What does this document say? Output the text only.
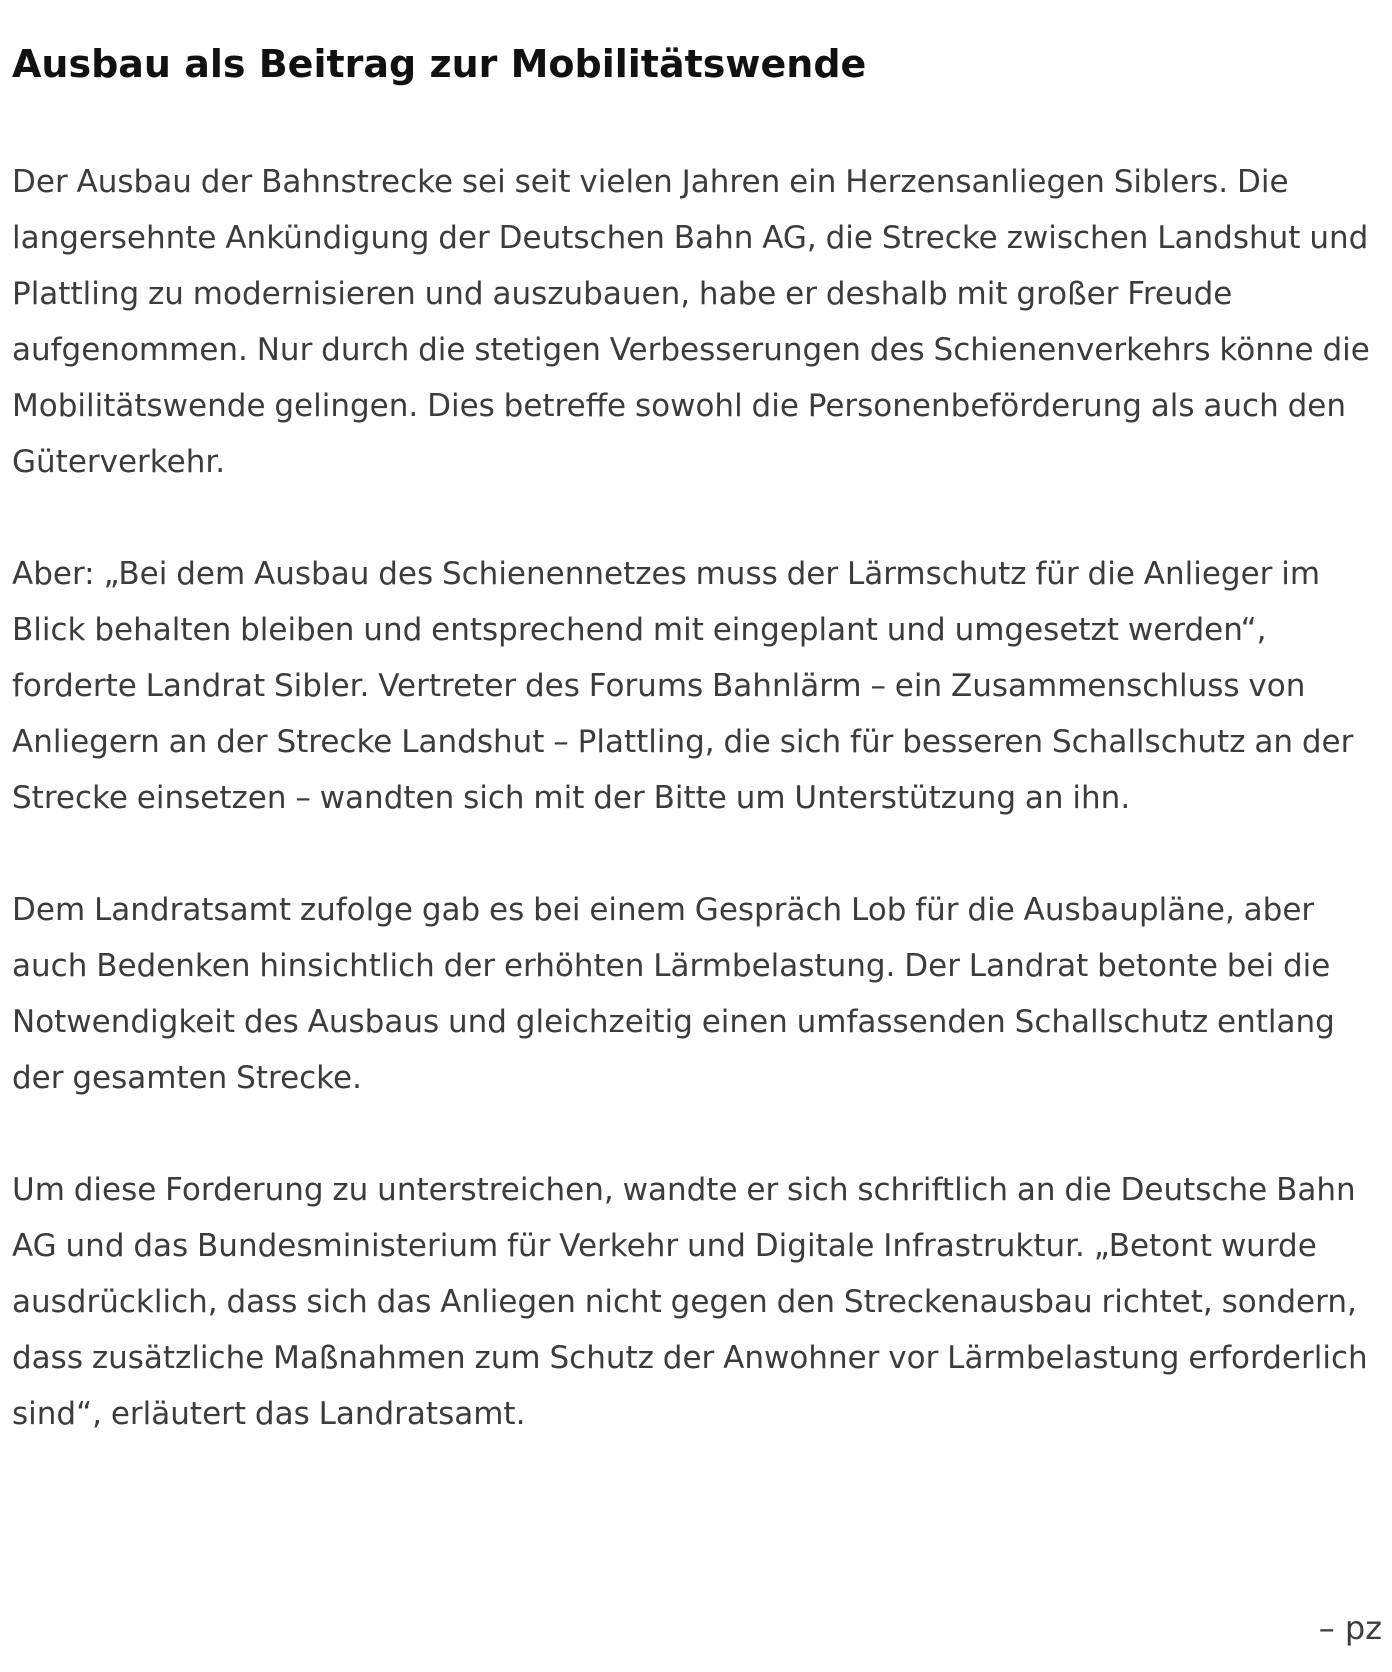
Ausbau als Beitrag zur Mobilitätswende

Der Ausbau der Bahnstrecke sei seit vielen Jahren ein Herzensanliegen Siblers. Die langersehnte Ankündigung der Deutschen Bahn AG, die Strecke zwischen Landshut und Plattling zu modernisieren und auszubauen, habe er deshalb mit großer Freude aufgenommen. Nur durch die stetigen Verbesserungen des Schienenverkehrs könne die Mobilitätswende gelingen. Dies betreffe sowohl die Personenbeförderung als auch den Güterverkehr.

Aber: „Bei dem Ausbau des Schienennetzes muss der Lärmschutz für die Anlieger im Blick behalten bleiben und entsprechend mit eingeplant und umgesetzt werden“, forderte Landrat Sibler. Vertreter des Forums Bahnlärm – ein Zusammenschluss von Anliegern an der Strecke Landshut – Plattling, die sich für besseren Schallschutz an der Strecke einsetzen – wandten sich mit der Bitte um Unterstützung an ihn.

Dem Landratsamt zufolge gab es bei einem Gespräch Lob für die Ausbaupläne, aber auch Bedenken hinsichtlich der erhöhten Lärmbelastung. Der Landrat betonte bei die Notwendigkeit des Ausbaus und gleichzeitig einen umfassenden Schallschutz entlang der gesamten Strecke.

Um diese Forderung zu unterstreichen, wandte er sich schriftlich an die Deutsche Bahn AG und das Bundesministerium für Verkehr und Digitale Infrastruktur. „Betont wurde ausdrücklich, dass sich das Anliegen nicht gegen den Streckenausbau richtet, sondern, dass zusätzliche Maßnahmen zum Schutz der Anwohner vor Lärmbelastung erforderlich sind“, erläutert das Landratsamt.

– pz
